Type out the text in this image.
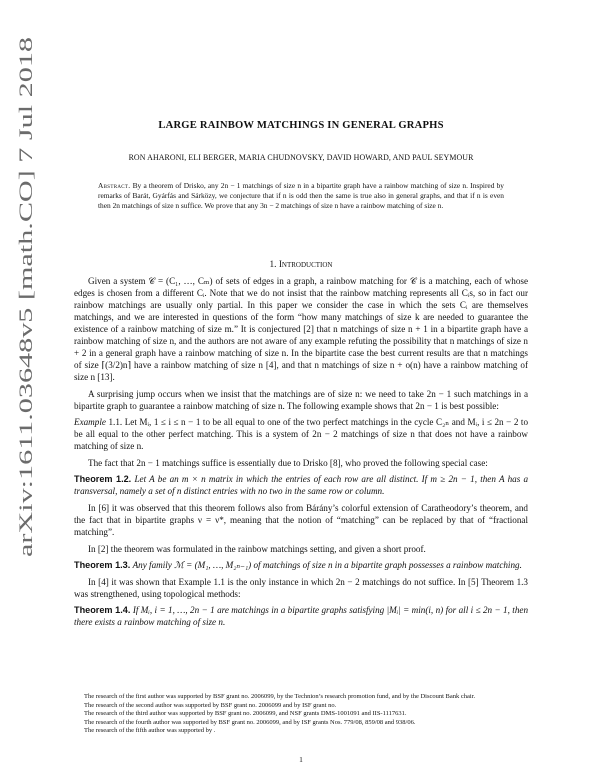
arXiv:1611.03648v5 [math.CO] 7 Jul 2018
LARGE RAINBOW MATCHINGS IN GENERAL GRAPHS
RON AHARONI, ELI BERGER, MARIA CHUDNOVSKY, DAVID HOWARD, AND PAUL SEYMOUR
Abstract. By a theorem of Drisko, any 2n − 1 matchings of size n in a bipartite graph have a rainbow matching of size n. Inspired by remarks of Barát, Gyárfás and Sárközy, we conjecture that if n is odd then the same is true also in general graphs, and that if n is even then 2n matchings of size n suffice. We prove that any 3n − 2 matchings of size n have a rainbow matching of size n.
1. Introduction

Given a system 𝒞 = (C₁, …, Cₘ) of sets of edges in a graph, a rainbow matching for 𝒞 is a matching, each of whose edges is chosen from a different Cᵢ. Note that we do not insist that the rainbow matching represents all Cᵢs, so in fact our rainbow matchings are usually only partial. In this paper we consider the case in which the sets Cᵢ are themselves matchings, and we are interested in questions of the form “how many matchings of size k are needed to guarantee the existence of a rainbow matching of size m.” It is conjectured [2] that n matchings of size n + 1 in a bipartite graph have a rainbow matching of size n, and the authors are not aware of any example refuting the possibility that n matchings of size n + 2 in a general graph have a rainbow matching of size n. In the bipartite case the best current results are that n matchings of size ⌈(3/2)n⌉ have a rainbow matching of size n [4], and that n matchings of size n + o(n) have a rainbow matching of size n [13].

A surprising jump occurs when we insist that the matchings are of size n: we need to take 2n − 1 such matchings in a bipartite graph to guarantee a rainbow matching of size n. The following example shows that 2n − 1 is best possible:

Example 1.1. Let Mᵢ, 1 ≤ i ≤ n − 1 to be all equal to one of the two perfect matchings in the cycle C₂ₙ and Mᵢ, i ≤ 2n − 2 to be all equal to the other perfect matching. This is a system of 2n − 2 matchings of size n that does not have a rainbow matching of size n.

The fact that 2n − 1 matchings suffice is essentially due to Drisko [8], who proved the following special case:

Theorem 1.2. Let A be an m × n matrix in which the entries of each row are all distinct. If m ≥ 2n − 1, then A has a transversal, namely a set of n distinct entries with no two in the same row or column.

In [6] it was observed that this theorem follows also from Bárány’s colorful extension of Caratheodory’s theorem, and the fact that in bipartite graphs ν = ν*, meaning that the notion of “matching” can be replaced by that of “fractional matching”.

In [2] the theorem was formulated in the rainbow matchings setting, and given a short proof.

Theorem 1.3. Any family ℳ = (M₁, …, M₂ₙ₋₁) of matchings of size n in a bipartite graph possesses a rainbow matching.

In [4] it was shown that Example 1.1 is the only instance in which 2n − 2 matchings do not suffice. In [5] Theorem 1.3 was strengthened, using topological methods:

Theorem 1.4. If Mᵢ, i = 1, …, 2n − 1 are matchings in a bipartite graphs satisfying |Mᵢ| = min(i, n) for all i ≤ 2n − 1, then there exists a rainbow matching of size n.

The research of the first author was supported by BSF grant no. 2006099, by the Technion’s research promotion fund, and by the Discount Bank chair.
The research of the second author was supported by BSF grant no. 2006099 and by ISF grant no.
The research of the third author was supported by BSF grant no. 2006099, and NSF grants DMS-1001091 and IIS-1117631.
The research of the fourth author was supported by BSF grant no. 2006099, and by ISF grants Nos. 779/08, 859/08 and 938/06.
The research of the fifth author was supported by .
1
